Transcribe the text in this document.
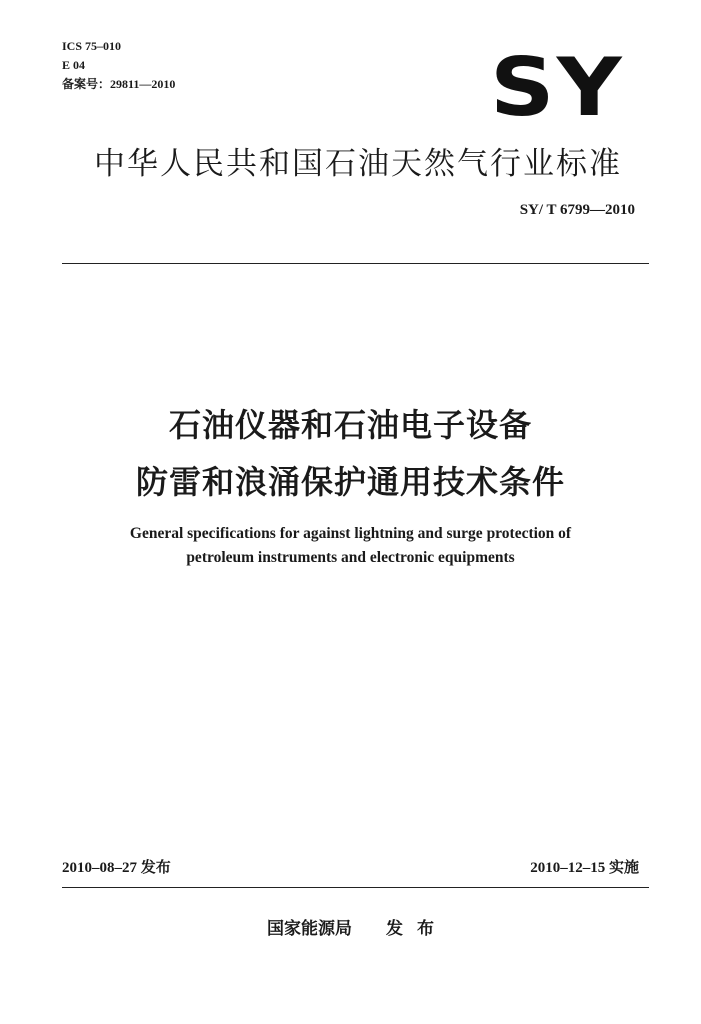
ICS 75–010
E 04
备案号：29811—2010	SY
中华人民共和国石油天然气行业标准
SY/ T 6799—2010
石油仪器和石油电子设备
防雷和浪涌保护通用技术条件
General specifications for against lightning and surge protection of
petroleum instruments and electronic equipments
2010–08–27 发布	2010–12–15 实施
国家能源局 发 布
